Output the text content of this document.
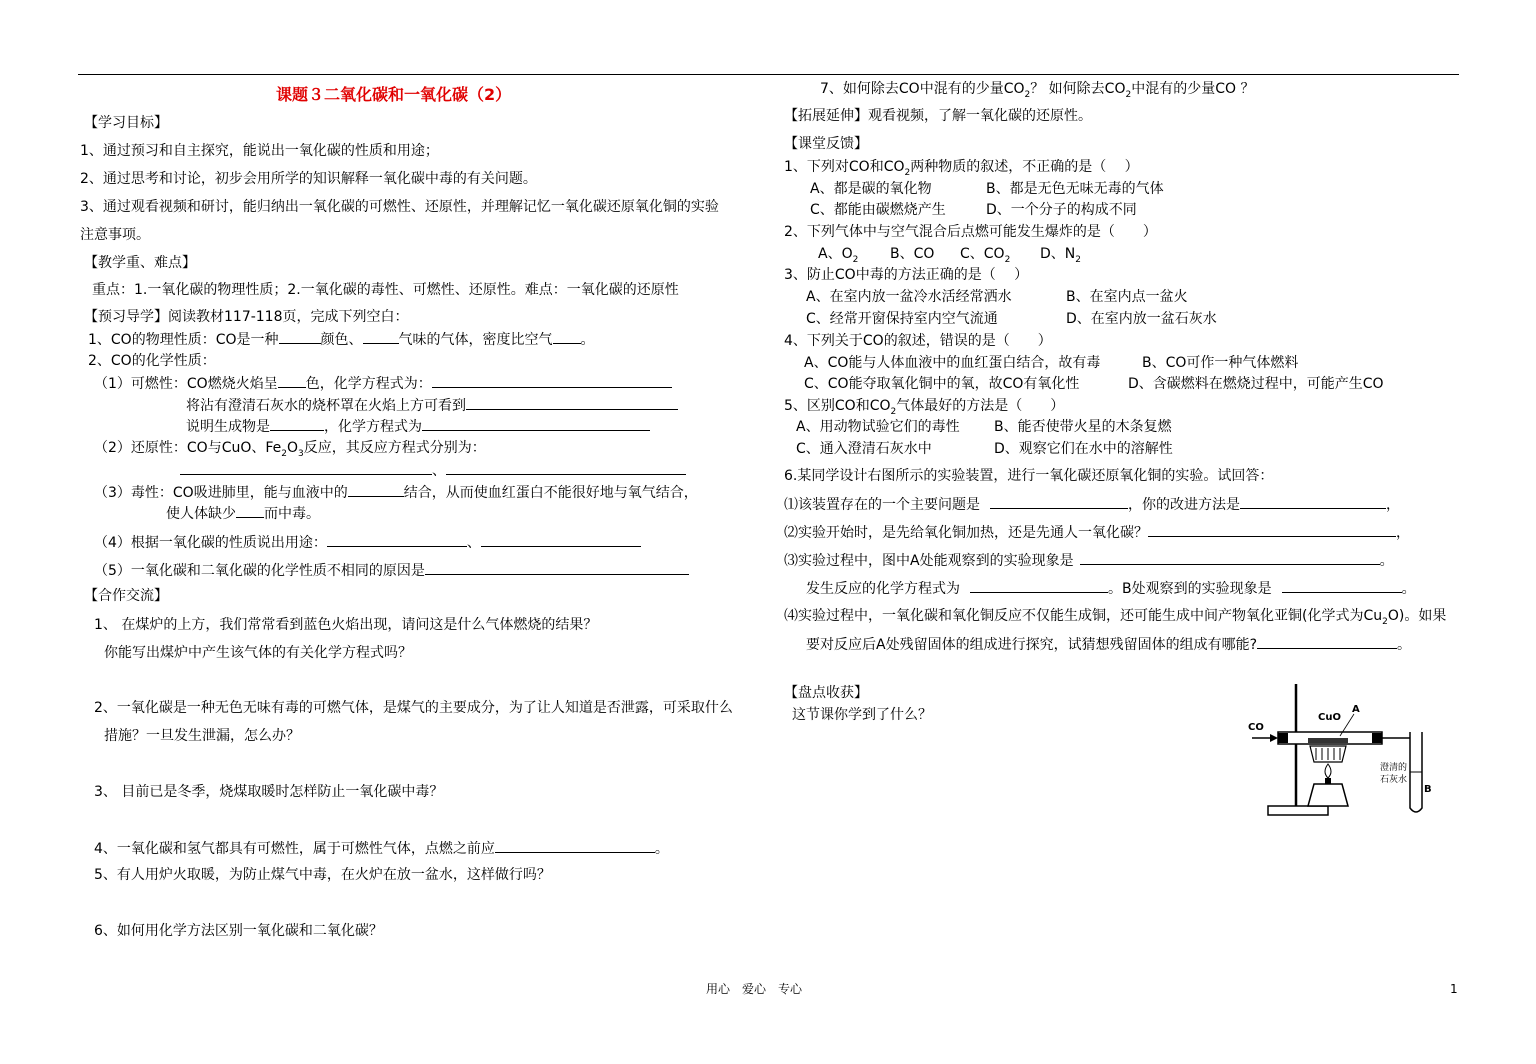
课题３二氧化碳和一氧化碳（2）
【学习目标】
1、通过预习和自主探究，能说出一氧化碳的性质和用途；
2、通过思考和讨论，初步会用所学的知识解释一氧化碳中毒的有关问题。
3、通过观看视频和研讨，能归纳出一氧化碳的可燃性、还原性，并理解记忆一氧化碳还原氧化铜的实验
注意事项。
【教学重、难点】
重点：1.一氧化碳的物理性质；2.一氧化碳的毒性、可燃性、还原性。难点：一氧化碳的还原性
【预习导学】阅读教材117-118页，完成下列空白：
1、CO的物理性质：CO是一种	颜色、	气味的气体，密度比空气 。
2、CO的化学性质：
（1）可燃性：CO燃烧火焰呈 色，化学方程式为：
将沾有澄清石灰水的烧杯罩在火焰上方可看到
说明生成物是	，化学方程式为
（2）还原性：CO与CuO、$Fe_2O_3$反应，其反应方程式分别为：
、
（3）毒性：CO吸进肺里，能与血液中的	结合，从而使血红蛋白不能很好地与氧气结合，
使人体缺少 而中毒。
（4）根据一氧化碳的性质说出用途：	、
（5）一氧化碳和二氧化碳的化学性质不相同的原因是
【合作交流】
1、 在煤炉的上方，我们常常看到蓝色火焰出现，请问这是什么气体燃烧的结果？
你能写出煤炉中产生该气体的有关化学方程式吗？
2、一氧化碳是一种无色无味有毒的可燃气体，是煤气的主要成分，为了让人知道是否泄露，可采取什么
措施？一旦发生泄漏，怎么办？
3、 目前已是冬季，烧煤取暖时怎样防止一氧化碳中毒？
4、一氧化碳和氢气都具有可燃性，属于可燃性气体，点燃之前应	。
5、有人用炉火取暖，为防止煤气中毒，在火炉在放一盆水，这样做行吗？
6、如何用化学方法区别一氧化碳和二氧化碳？
7、如何除去CO中混有的少量$CO_2$？ 如何除去$CO_2$中混有的少量CO ？
【拓展延伸】观看视频，了解一氧化碳的还原性。
【课堂反馈】
1、下列对CO和$CO_2$两种物质的叙述，不正确的是（　 ）
A、都是碳的氧化物	B、都是无色无味无毒的气体
C、都能由碳燃烧产生	D、一个分子的构成不同
2、下列气体中与空气混合后点燃可能发生爆炸的是（　　）
A、$O_2$ B、CO C、$CO_2$ D、$N_2$
3、防止CO中毒的方法正确的是（　 ）
A、在室内放一盆冷水活经常洒水	B、在室内点一盆火
C、经常开窗保持室内空气流通	D、在室内放一盆石灰水
4、下列关于CO的叙述，错误的是（　　）
A、CO能与人体血液中的血红蛋白结合，故有毒	B、CO可作一种气体燃料
C、CO能夺取氧化铜中的氧，故CO有氧化性	D、含碳燃料在燃烧过程中，可能产生CO
5、区别CO和$CO_2$气体最好的方法是（　　）
A、用动物试验它们的毒性 B、能否使带火星的木条复燃
C、通入澄清石灰水中	D、观察它们在水中的溶解性
6.某同学设计右图所示的实验装置，进行一氧化碳还原氧化铜的实验。试回答：
⑴该装置存在的一个主要问题是	，你的改进方法是	，
⑵实验开始时，是先给氧化铜加热，还是先通人一氧化碳？	，
⑶实验过程中，图中A处能观察到的实验现象是	。
发生反应的化学方程式为	。B处观察到的实验现象是	。
⑷实验过程中，一氧化碳和氧化铜反应不仅能生成铜，还可能生成中间产物氧化亚铜(化学式为$Cu_2O$)。如果
要对反应后A处残留固体的组成进行探究，试猜想残留固体的组成有哪能?	。
【盘点收获】
这节课你学到了什么？
CO
CuO
A
澄清的
石灰水
B
用心　爱心　专心	1
